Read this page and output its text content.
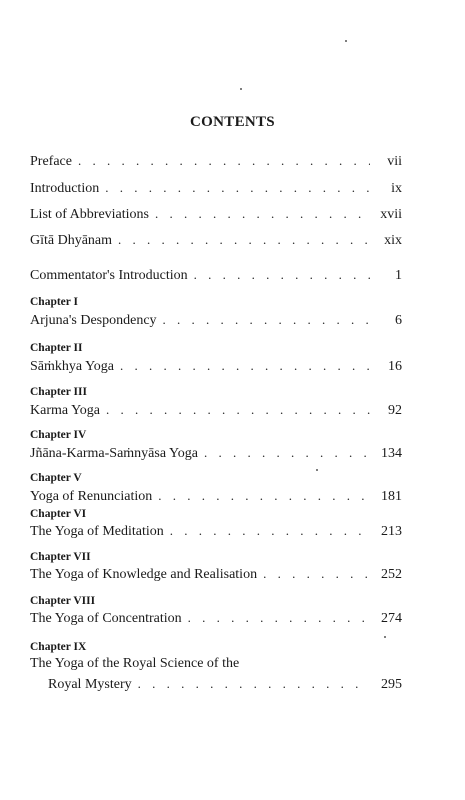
CONTENTS
Preface . . .	vii
Introduction . . .	ix
List of Abbreviations . . .	xvii
Gītā Dhyānam . . .	xix
Commentator's Introduction . . .	1
Chapter I
Arjuna's Despondency . . .	6
Chapter II
Sāṁkhya Yoga . . .	16
Chapter III
Karma Yoga . . .	92
Chapter IV
Jñāna-Karma-Saṁnyāsa Yoga . . .	134
Chapter V
Yoga of Renunciation . . .	181
Chapter VI
The Yoga of Meditation . . .	213
Chapter VII
The Yoga of Knowledge and Realisation . . .	252
Chapter VIII
The Yoga of Concentration . . .	274
Chapter IX
The Yoga of the Royal Science of the
Royal Mystery . . .	295
